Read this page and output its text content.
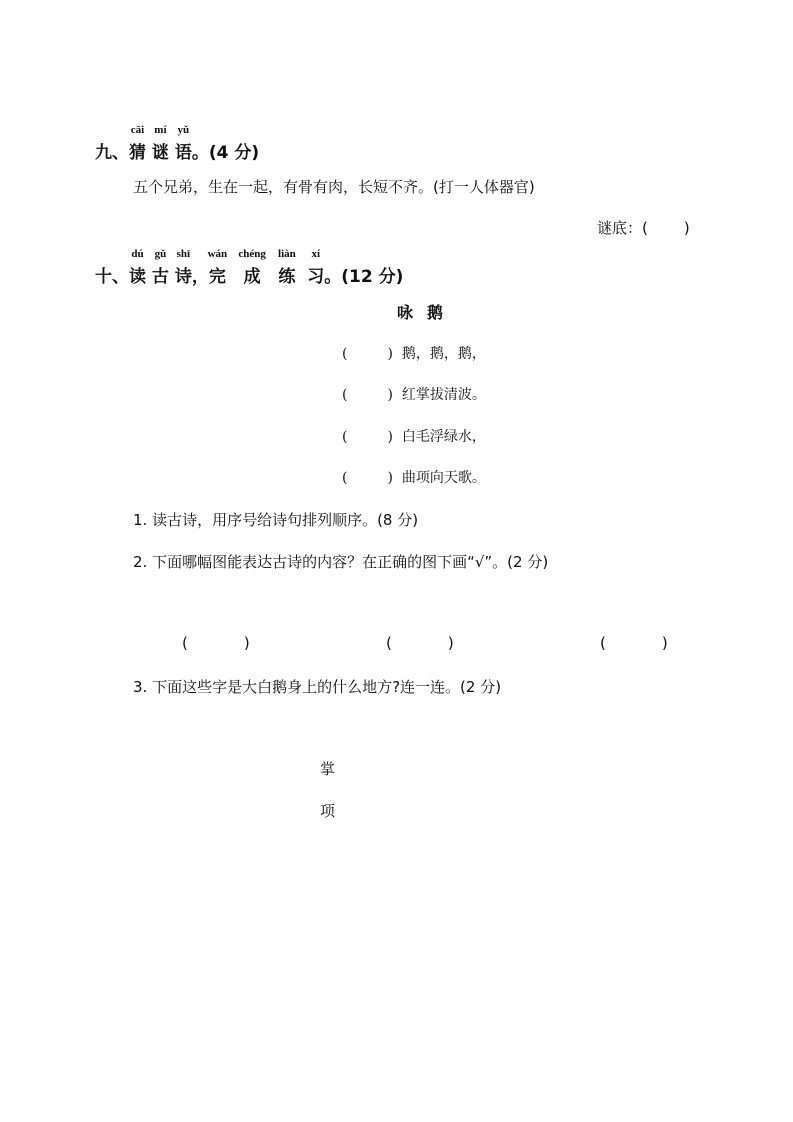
九、
cāi
猜
mí
谜
yǔ
语。(4 分)
五个兄弟，生在一起，有骨有肉，长短不齐。(打一人体器官)
谜底：( )
十、
dú
读
gǔ
古
shī
诗，
wán
完
chéng
成
liàn
练
xí
习。(12 分)
咏鹅
(	) 鹅，鹅，鹅，
(	) 红掌拔清波。
(	) 白毛浮绿水，
(	) 曲项向天歌。
1. 读古诗，用序号给诗句排列顺序。(8 分)
2. 下面哪幅图能表达古诗的内容？在正确的图下画“√”。(2 分)
(	)	(	)	(	)
3. 下面这些字是大白鹅身上的什么地方?连一连。(2 分)
掌
项
